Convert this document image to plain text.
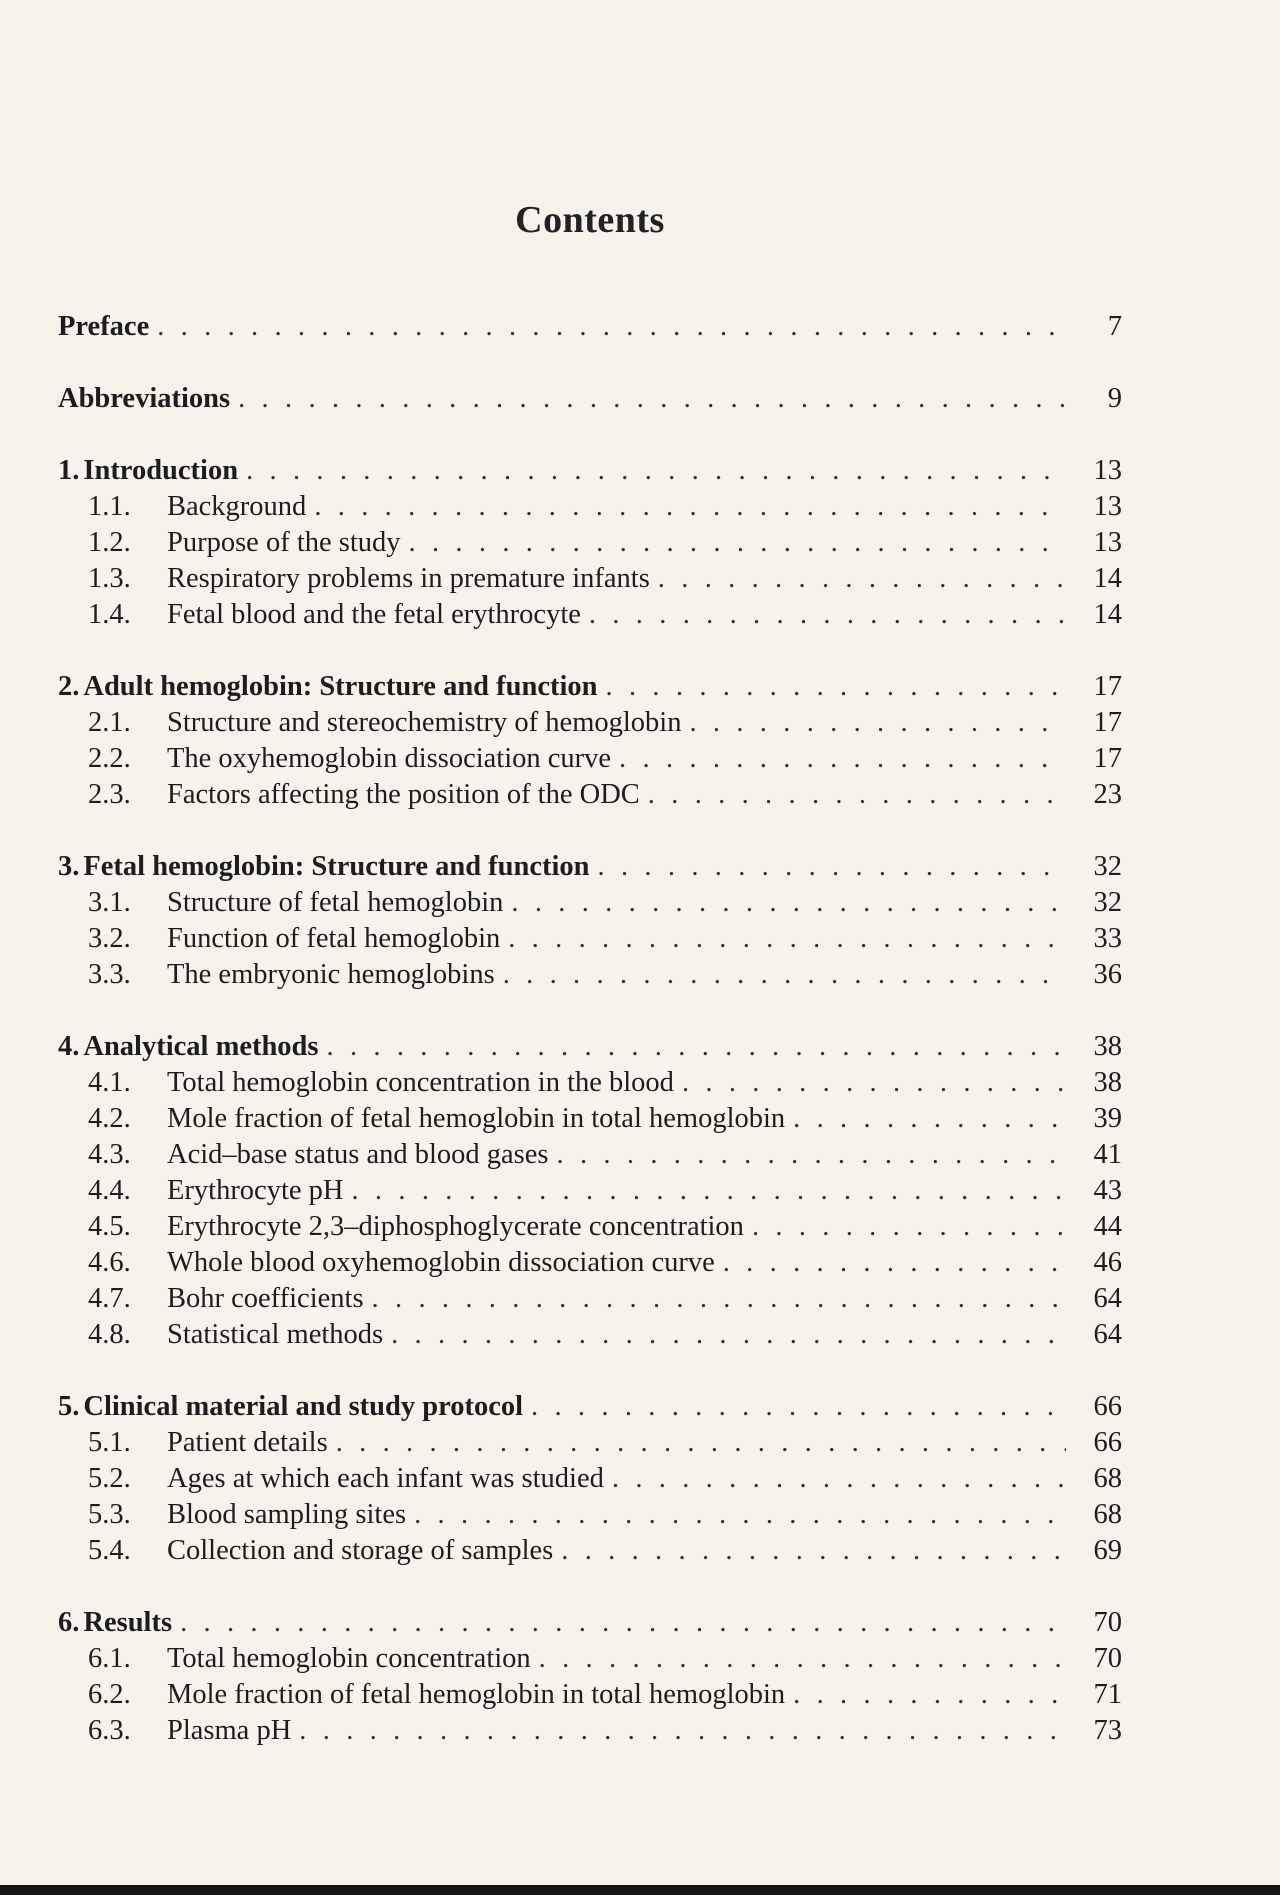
Contents
Preface . . .	7
Abbreviations . . .	9
1. Introduction . . .	13
1.1.	Background . . .	13
1.2.	Purpose of the study . . .	13
1.3.	Respiratory problems in premature infants . . .	14
1.4.	Fetal blood and the fetal erythrocyte . . .	14
2. Adult hemoglobin: Structure and function . . .	17
2.1.	Structure and stereochemistry of hemoglobin . . .	17
2.2.	The oxyhemoglobin dissociation curve . . .	17
2.3.	Factors affecting the position of the ODC . . .	23
3. Fetal hemoglobin: Structure and function . . .	32
3.1.	Structure of fetal hemoglobin . . .	32
3.2.	Function of fetal hemoglobin . . .	33
3.3.	The embryonic hemoglobins . . .	36
4. Analytical methods . . .	38
4.1.	Total hemoglobin concentration in the blood . . .	38
4.2.	Mole fraction of fetal hemoglobin in total hemoglobin . . .	39
4.3.	Acid–base status and blood gases . . .	41
4.4.	Erythrocyte pH . . .	43
4.5.	Erythrocyte 2,3–diphosphoglycerate concentration . . .	44
4.6.	Whole blood oxyhemoglobin dissociation curve . . .	46
4.7.	Bohr coefficients . . .	64
4.8.	Statistical methods . . .	64
5. Clinical material and study protocol . . .	66
5.1.	Patient details . . .	66
5.2.	Ages at which each infant was studied . . .	68
5.3.	Blood sampling sites . . .	68
5.4.	Collection and storage of samples . . .	69
6. Results . . .	70
6.1.	Total hemoglobin concentration . . .	70
6.2.	Mole fraction of fetal hemoglobin in total hemoglobin . . .	71
6.3.	Plasma pH . . .	73
